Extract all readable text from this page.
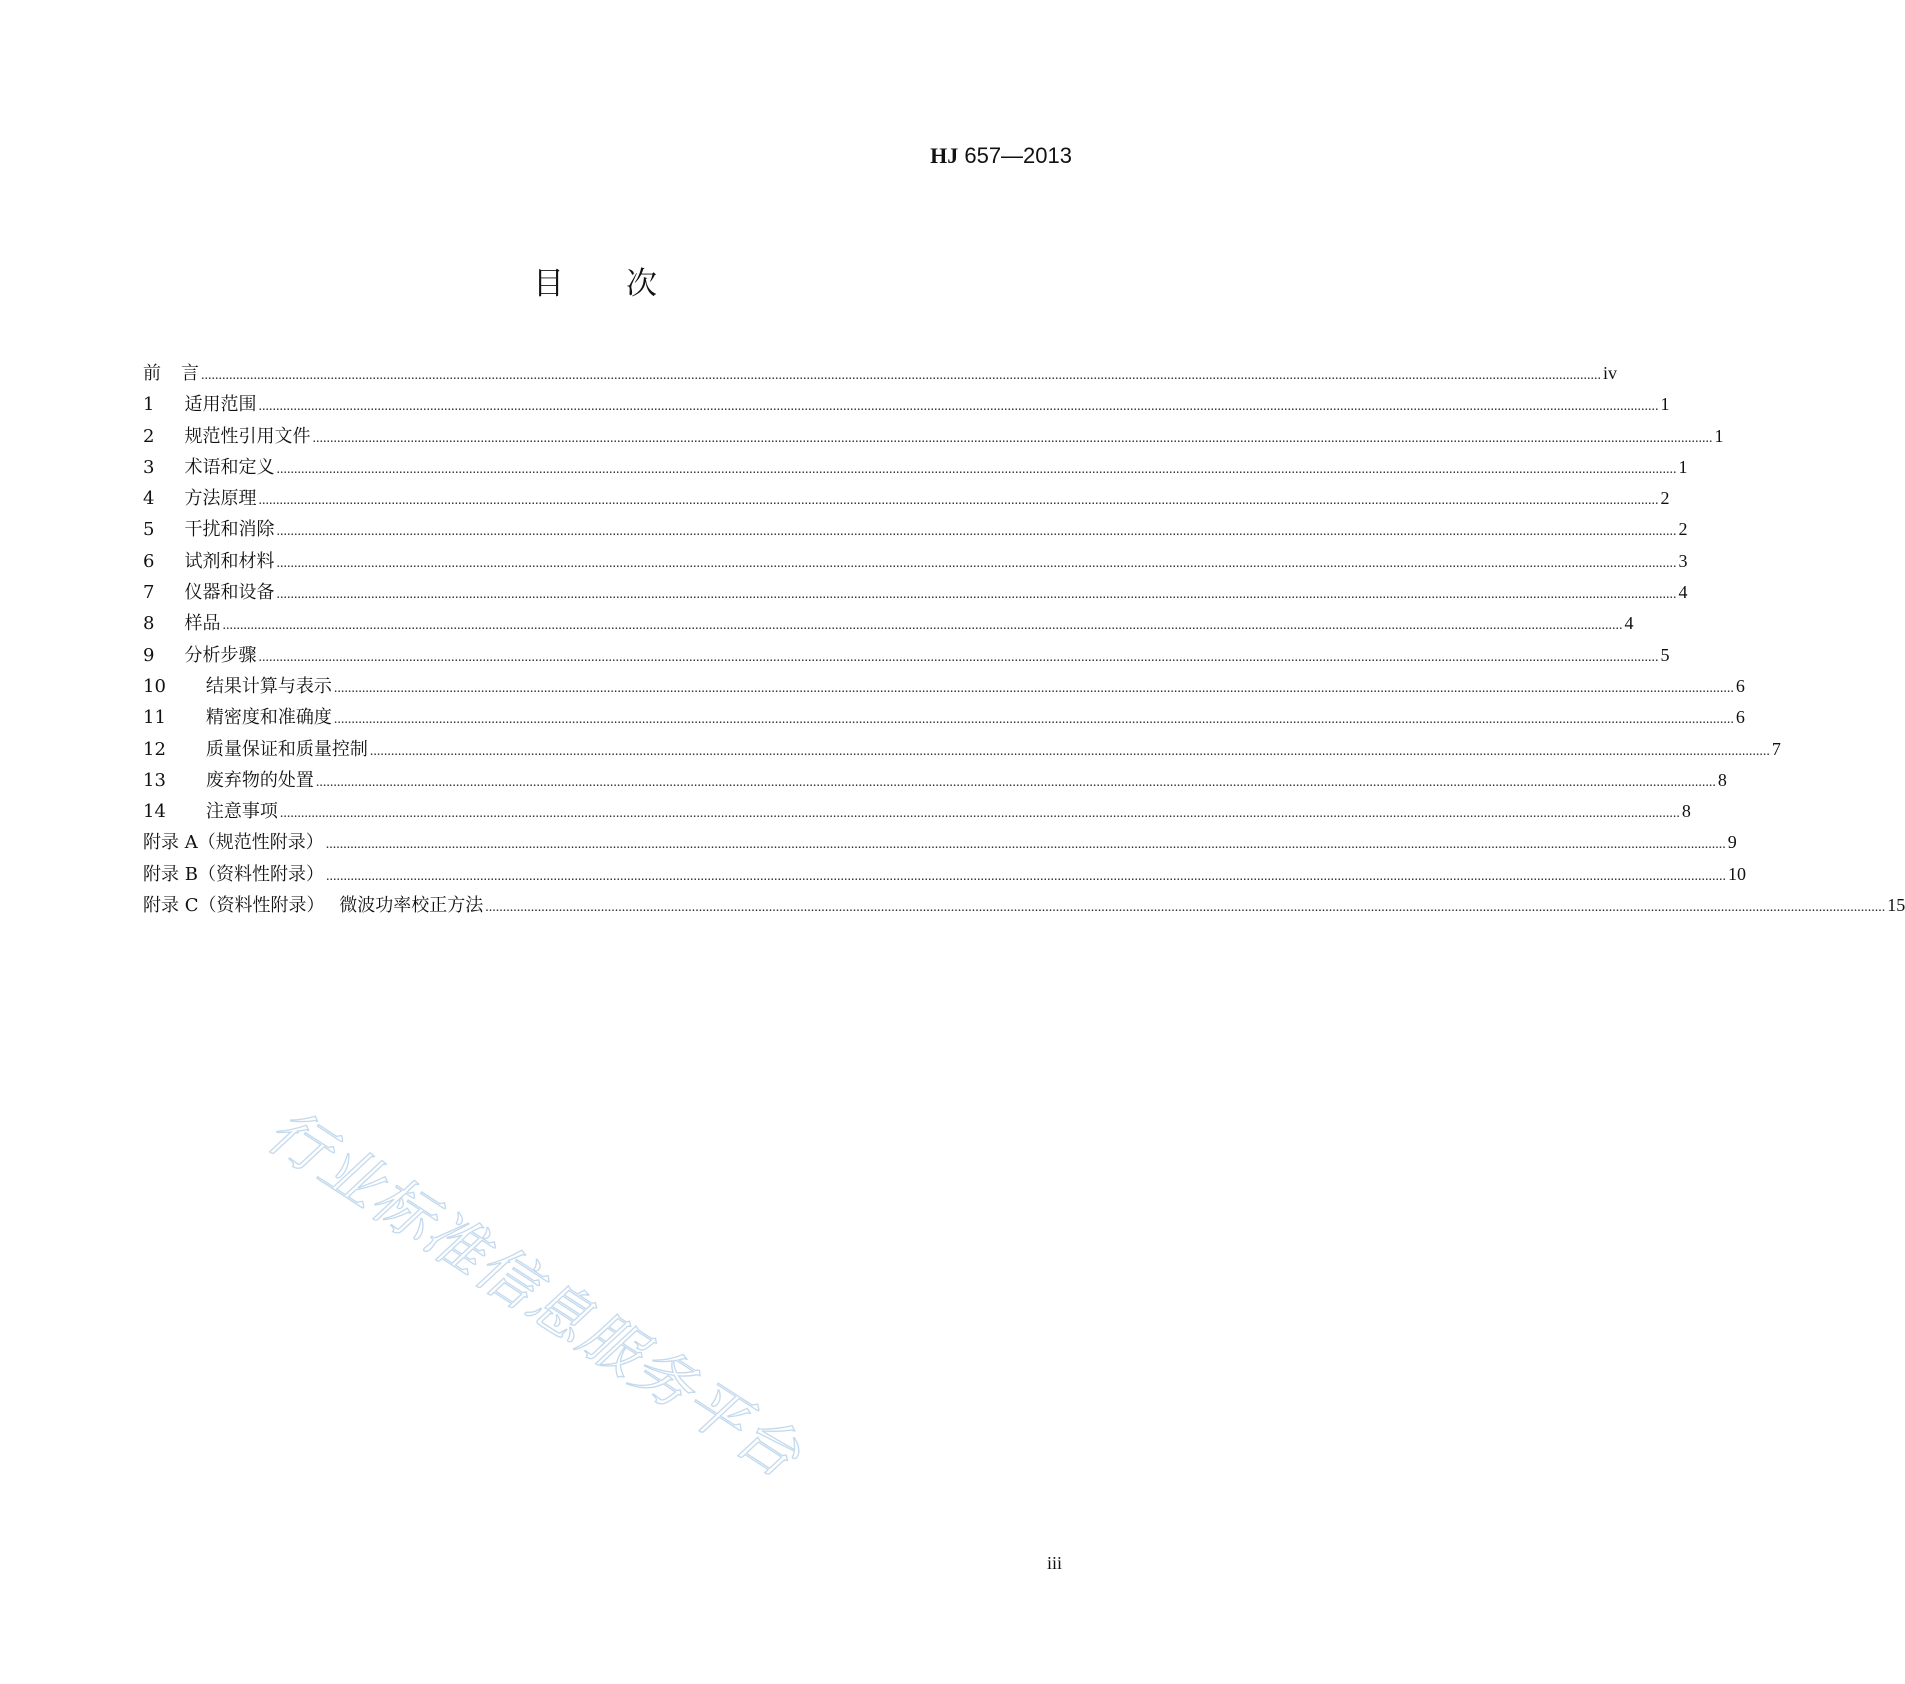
HJ 657—2013
目 次
前 言 ................................................................................................................................................................................................................................................................................................................................................................................................................ iv
1 适用范围 ................................................................................................................................................................................................................................................................................................................................................................................................................ 1
2 规范性引用文件 ................................................................................................................................................................................................................................................................................................................................................................................................................ 1
3 术语和定义 ................................................................................................................................................................................................................................................................................................................................................................................................................ 1
4 方法原理 ................................................................................................................................................................................................................................................................................................................................................................................................................ 2
5 干扰和消除 ................................................................................................................................................................................................................................................................................................................................................................................................................ 2
6 试剂和材料 ................................................................................................................................................................................................................................................................................................................................................................................................................ 3
7 仪器和设备 ................................................................................................................................................................................................................................................................................................................................................................................................................ 4
8 样品 ................................................................................................................................................................................................................................................................................................................................................................................................................ 4
9 分析步骤 ................................................................................................................................................................................................................................................................................................................................................................................................................ 5
10 结果计算与表示 ................................................................................................................................................................................................................................................................................................................................................................................................................ 6
11 精密度和准确度 ................................................................................................................................................................................................................................................................................................................................................................................................................ 6
12 质量保证和质量控制 ................................................................................................................................................................................................................................................................................................................................................................................................................ 7
13 废弃物的处置 ................................................................................................................................................................................................................................................................................................................................................................................................................ 8
14 注意事项 ................................................................................................................................................................................................................................................................................................................................................................................................................ 8
附录 A（规范性附录） ................................................................................................................................................................................................................................................................................................................................................................................................................ 9
附录 B（资料性附录） ................................................................................................................................................................................................................................................................................................................................................................................................................ 10
附录 C（资料性附录）　 微波功率校正方法 ................................................................................................................................................................................................................................................................................................................................................................................................................ 15
行业标准信息服务平台
iii
